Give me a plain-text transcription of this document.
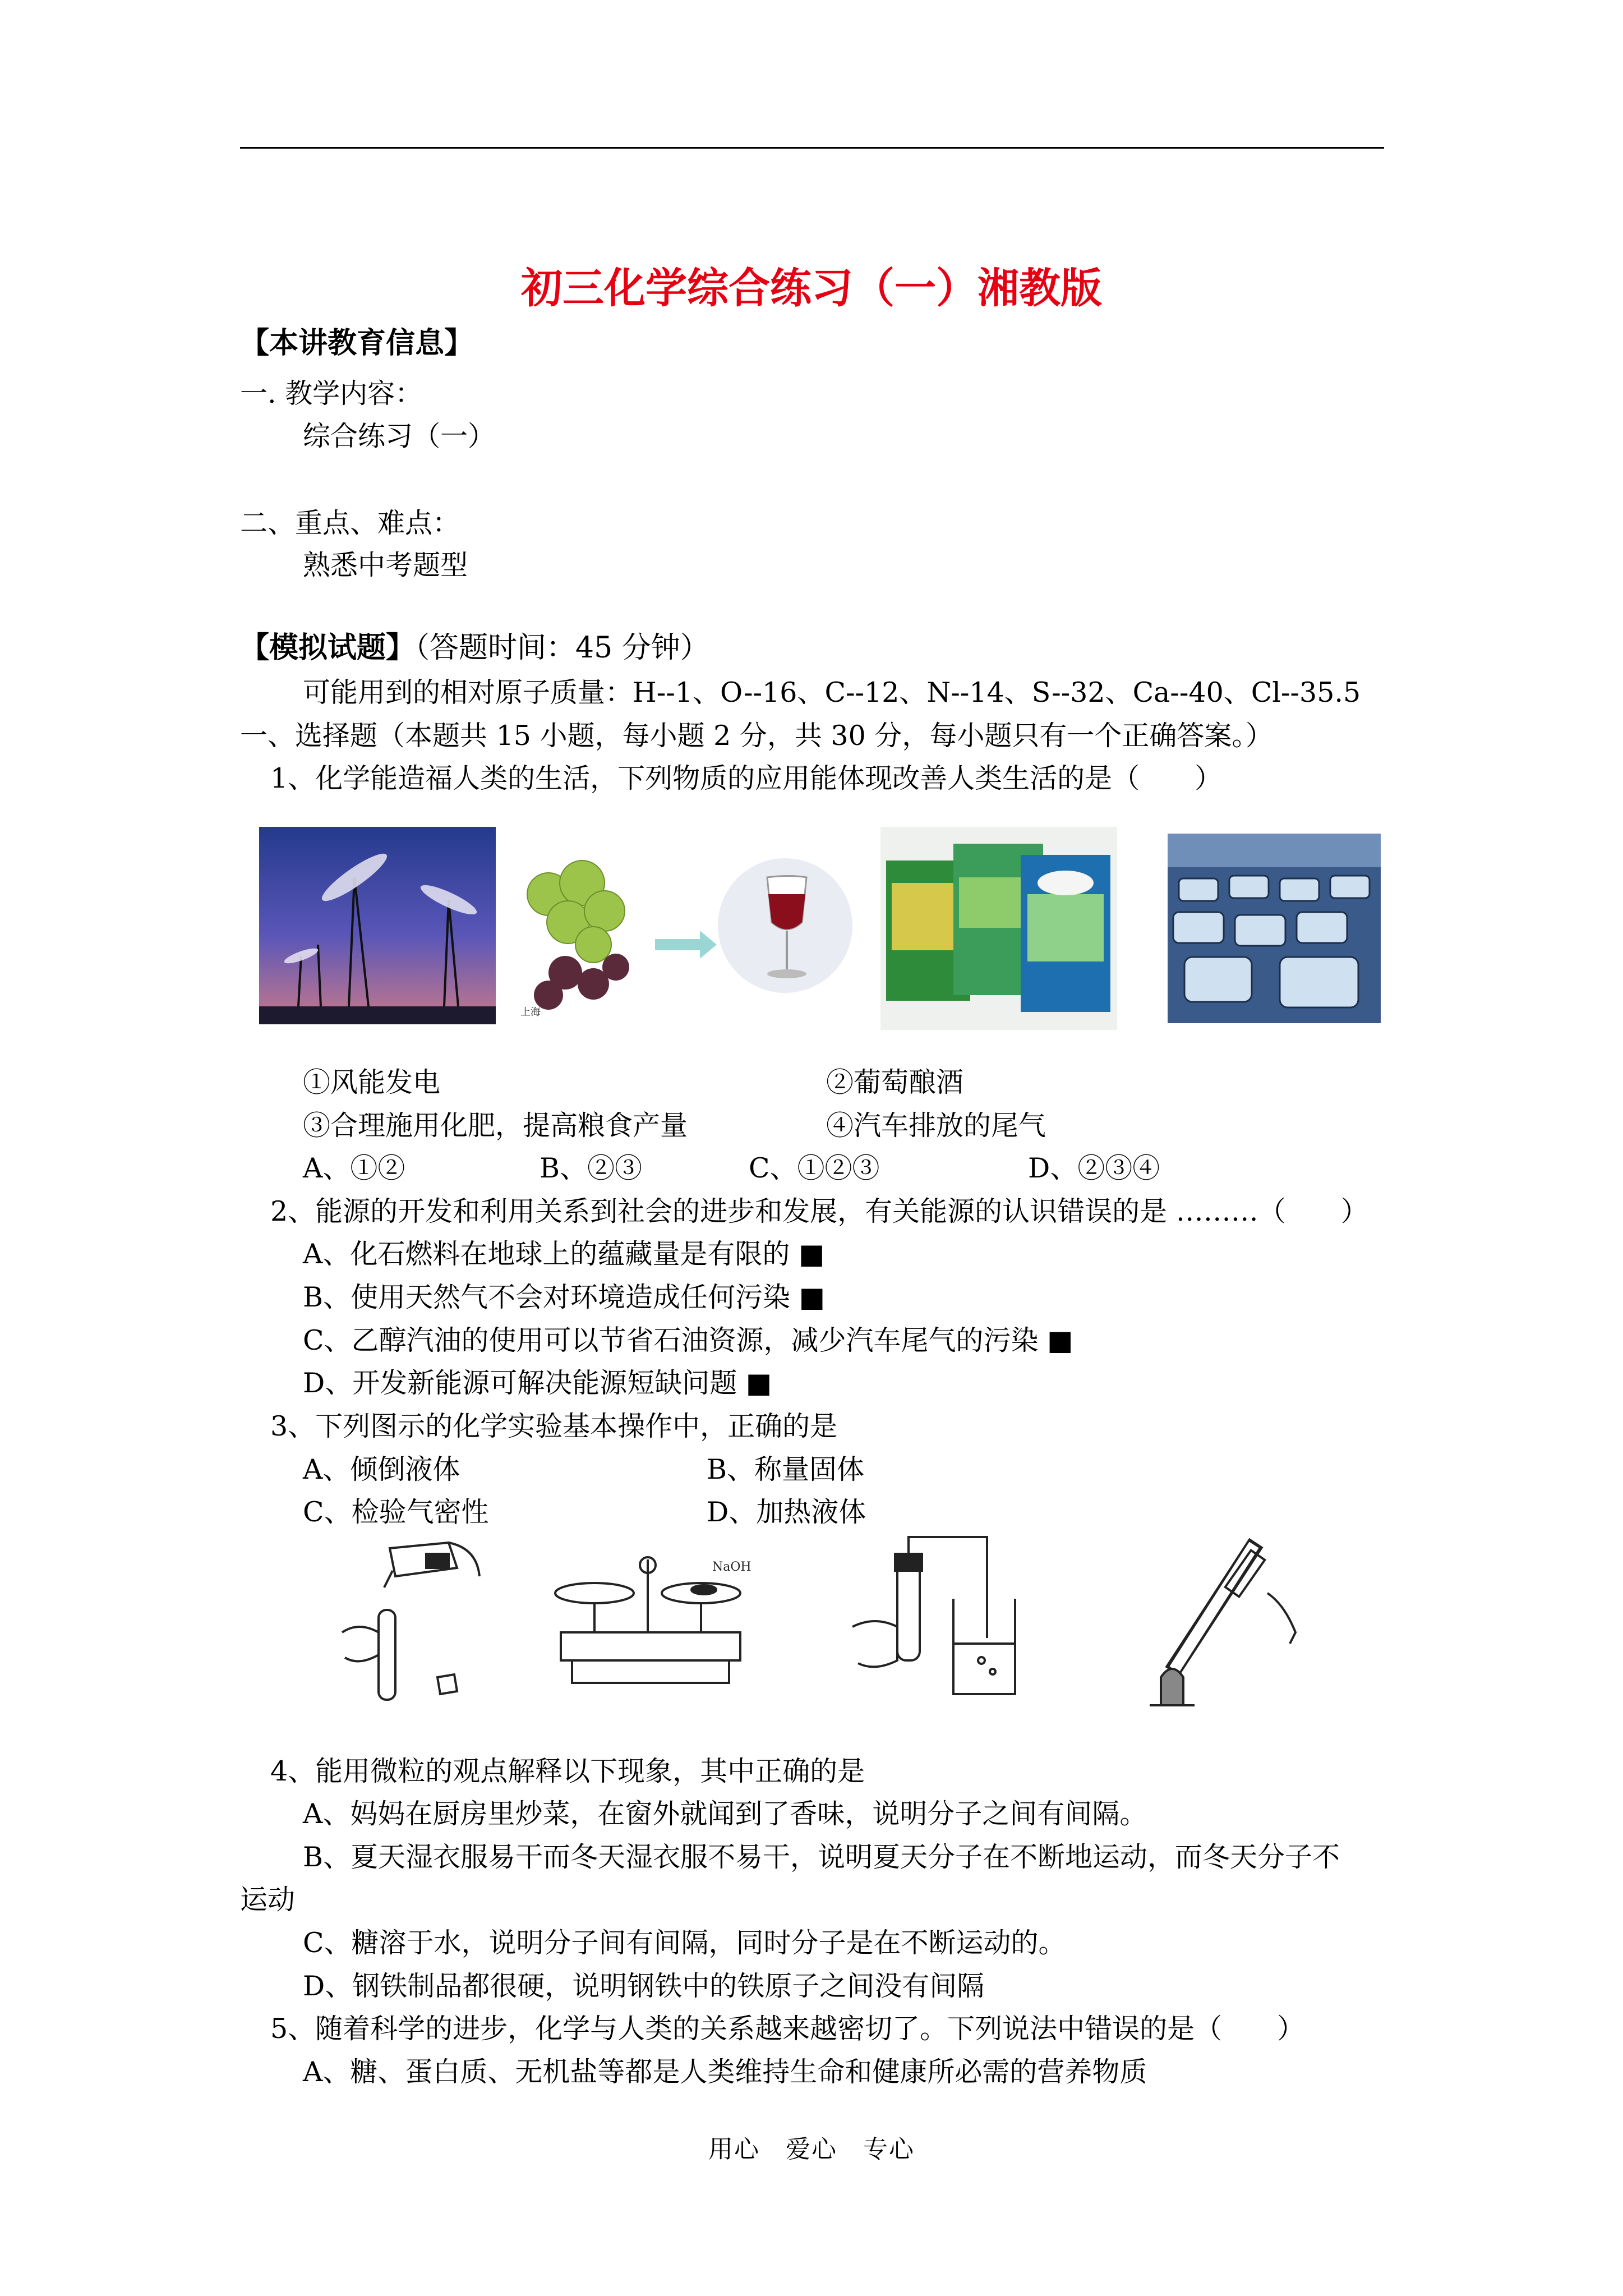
初三化学综合练习（一）湘教版
【本讲教育信息】
一. 教学内容：
综合练习（一）
二、重点、难点：
熟悉中考题型
【模拟试题】（答题时间：45 分钟）
可能用到的相对原子质量：H--1、O--16、C--12、N--14、S--32、Ca--40、Cl--35.5
一、选择题（本题共 15 小题，每小题 2 分，共 30 分，每小题只有一个正确答案。）
1、化学能造福人类的生活，下列物质的应用能体现改善人类生活的是（　　）
上海
①风能发电	②葡萄酿酒
③合理施用化肥，提高粮食产量	④汽车排放的尾气
A、①②	B、②③	C、①②③	D、②③④
2、能源的开发和利用关系到社会的进步和发展，有关能源的认识错误的是 ………（　　）
A、化石燃料在地球上的蕴藏量是有限的 ■
B、使用天然气不会对环境造成任何污染 ■
C、乙醇汽油的使用可以节省石油资源，减少汽车尾气的污染 ■
D、开发新能源可解决能源短缺问题 ■
3、下列图示的化学实验基本操作中，正确的是
A、倾倒液体	B、称量固体
C、检验气密性	D、加热液体
NaOH
4、能用微粒的观点解释以下现象，其中正确的是
A、妈妈在厨房里炒菜，在窗外就闻到了香味，说明分子之间有间隔。
B、夏天湿衣服易干而冬天湿衣服不易干，说明夏天分子在不断地运动，而冬天分子不
运动
C、糖溶于水，说明分子间有间隔，同时分子是在不断运动的。
D、钢铁制品都很硬，说明钢铁中的铁原子之间没有间隔
5、随着科学的进步，化学与人类的关系越来越密切了。下列说法中错误的是（　　）
A、糖、蛋白质、无机盐等都是人类维持生命和健康所必需的营养物质
用心　爱心　专心
